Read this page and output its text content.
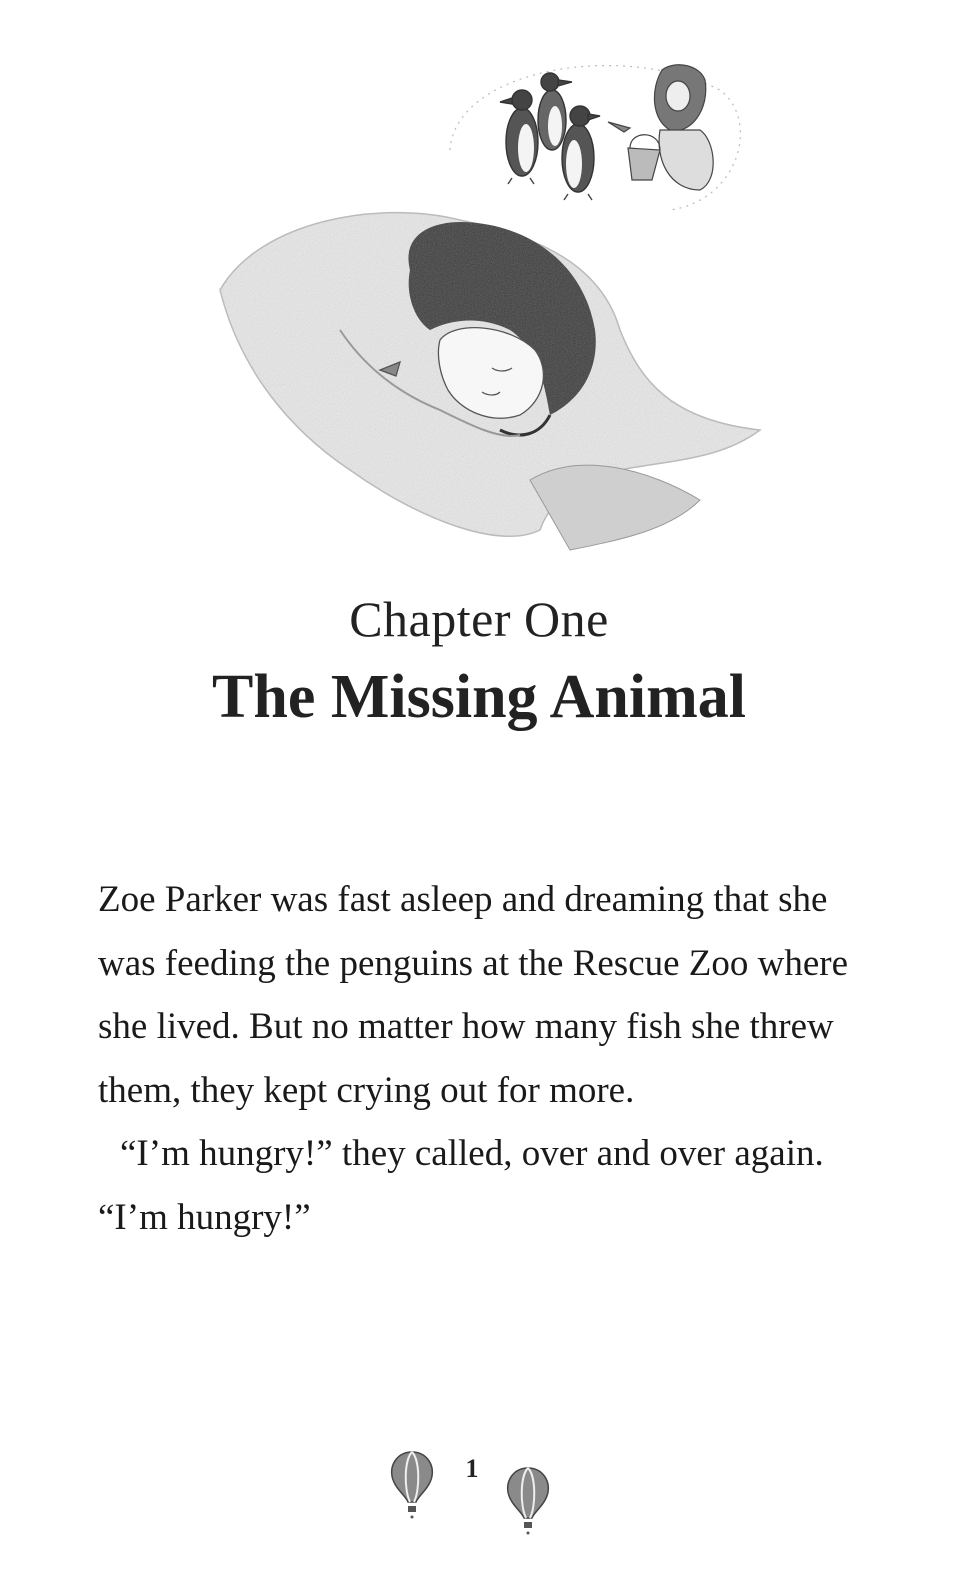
Chapter One
The Missing Animal

Zoe Parker was fast asleep and dreaming that she was feeding the penguins at the Rescue Zoo where she lived. But no matter how many fish she threw them, they kept crying out for more.

“I’m hungry!” they called, over and over again. “I’m hungry!”

1
